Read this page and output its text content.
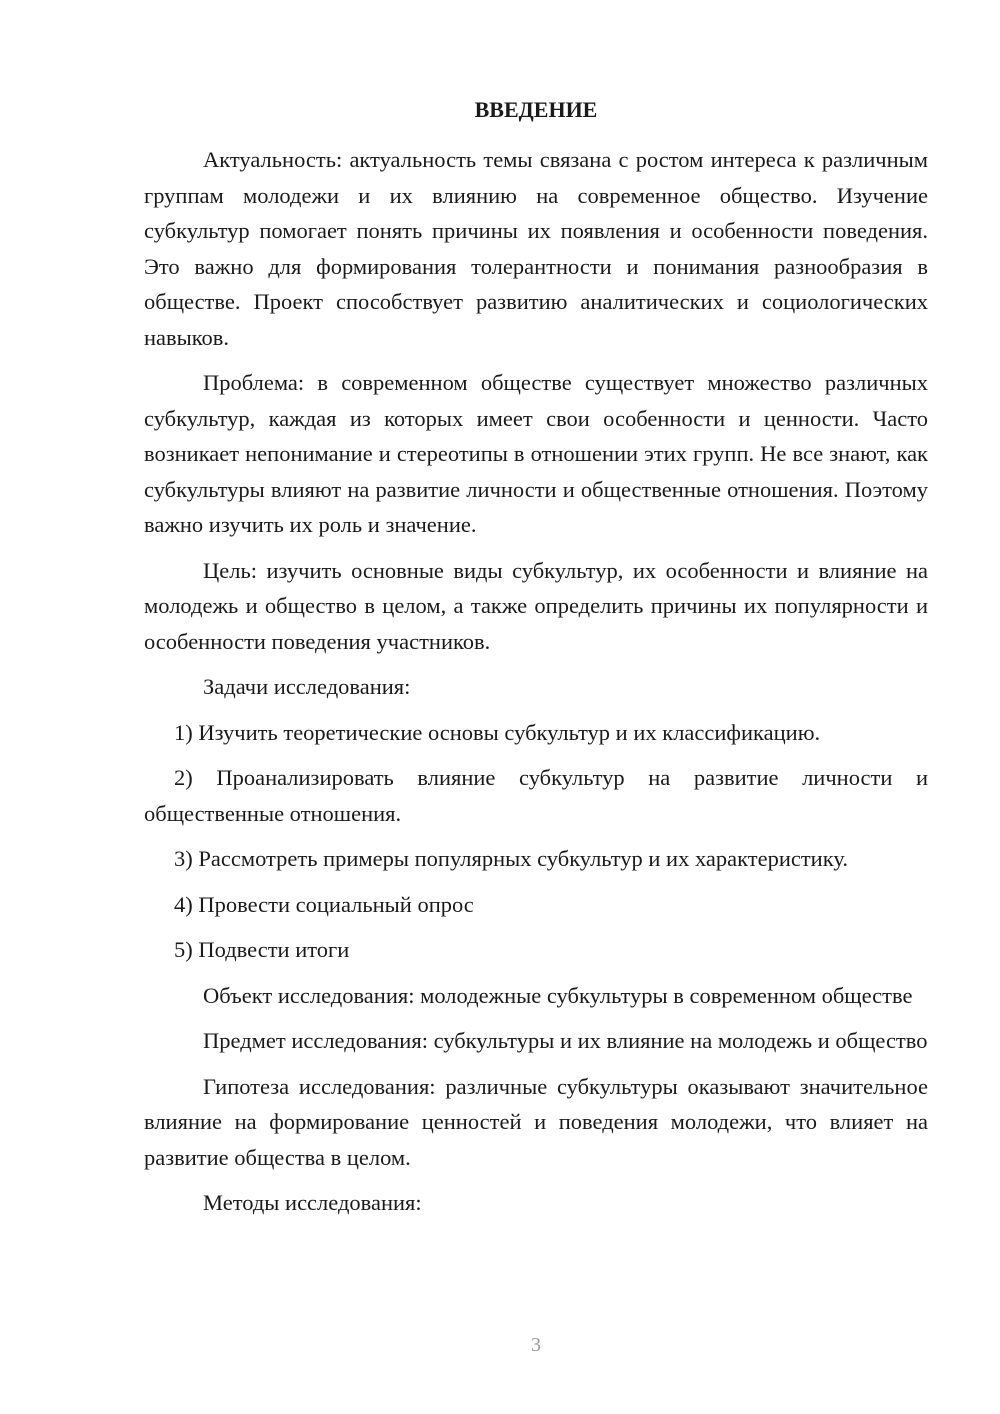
ВВЕДЕНИЕ

Актуальность: актуальность темы связана с ростом интереса к различным группам молодежи и их влиянию на современное общество. Изучение субкультур помогает понять причины их появления и особенности поведения. Это важно для формирования толерантности и понимания разнообразия в обществе. Проект способствует развитию аналитических и социологических навыков.

Проблема: в современном обществе существует множество различных субкультур, каждая из которых имеет свои особенности и ценности. Часто возникает непонимание и стереотипы в отношении этих групп. Не все знают, как субкультуры влияют на развитие личности и общественные отношения. Поэтому важно изучить их роль и значение.

Цель: изучить основные виды субкультур, их особенности и влияние на молодежь и общество в целом, а также определить причины их популярности и особенности поведения участников.

Задачи исследования:

1) Изучить теоретические основы субкультур и их классификацию.

2) Проанализировать влияние субкультур на развитие личности и общественные отношения.

3) Рассмотреть примеры популярных субкультур и их характеристику.

4) Провести социальный опрос

5) Подвести итоги

Объект исследования: молодежные субкультуры в современном обществе

Предмет исследования: субкультуры и их влияние на молодежь и общество

Гипотеза исследования: различные субкультуры оказывают значительное влияние на формирование ценностей и поведения молодежи, что влияет на развитие общества в целом.

Методы исследования:

3
